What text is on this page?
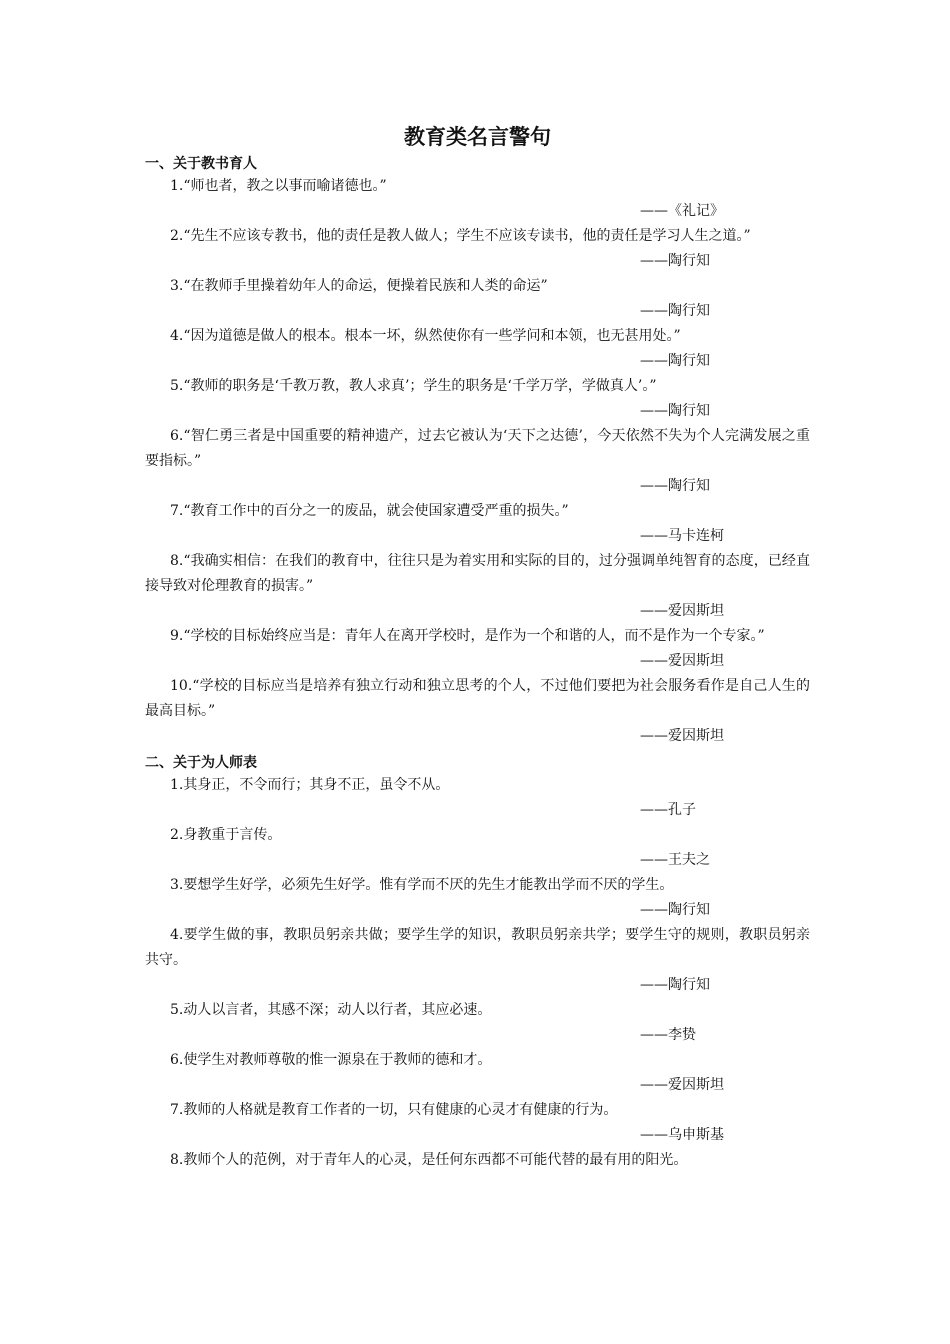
教育类名言警句
一、关于教书育人

1.“师也者，教之以事而喻诸德也。”

——《礼记》

2.“先生不应该专教书，他的责任是教人做人；学生不应该专读书，他的责任是学习人生之道。”

——陶行知

3.“在教师手里操着幼年人的命运，便操着民族和人类的命运”

——陶行知

4.“因为道德是做人的根本。根本一坏，纵然使你有一些学问和本领，也无甚用处。”

——陶行知

5.“教师的职务是‘千教万教，教人求真’；学生的职务是‘千学万学，学做真人’。”

——陶行知

6.“智仁勇三者是中国重要的精神遗产，过去它被认为‘天下之达德’，今天依然不失为个人完满发展之重要指标。”

——陶行知

7.“教育工作中的百分之一的废品，就会使国家遭受严重的损失。”

——马卡连柯

8.“我确实相信：在我们的教育中，往往只是为着实用和实际的目的，过分强调单纯智育的态度，已经直接导致对伦理教育的损害。”

——爱因斯坦

9.“学校的目标始终应当是：青年人在离开学校时，是作为一个和谐的人，而不是作为一个专家。”

——爱因斯坦

10.“学校的目标应当是培养有独立行动和独立思考的个人，不过他们要把为社会服务看作是自己人生的最高目标。”

——爱因斯坦

二、关于为人师表

1.其身正，不令而行；其身不正，虽令不从。

——孔子

2.身教重于言传。

——王夫之

3.要想学生好学，必须先生好学。惟有学而不厌的先生才能教出学而不厌的学生。

——陶行知

4.要学生做的事，教职员躬亲共做；要学生学的知识，教职员躬亲共学；要学生守的规则，教职员躬亲共守。

——陶行知

5.动人以言者，其感不深；动人以行者，其应必速。

——李贽

6.使学生对教师尊敬的惟一源泉在于教师的德和才。

——爱因斯坦

7.教师的人格就是教育工作者的一切，只有健康的心灵才有健康的行为。

——乌申斯基

8.教师个人的范例，对于青年人的心灵，是任何东西都不可能代替的最有用的阳光。
